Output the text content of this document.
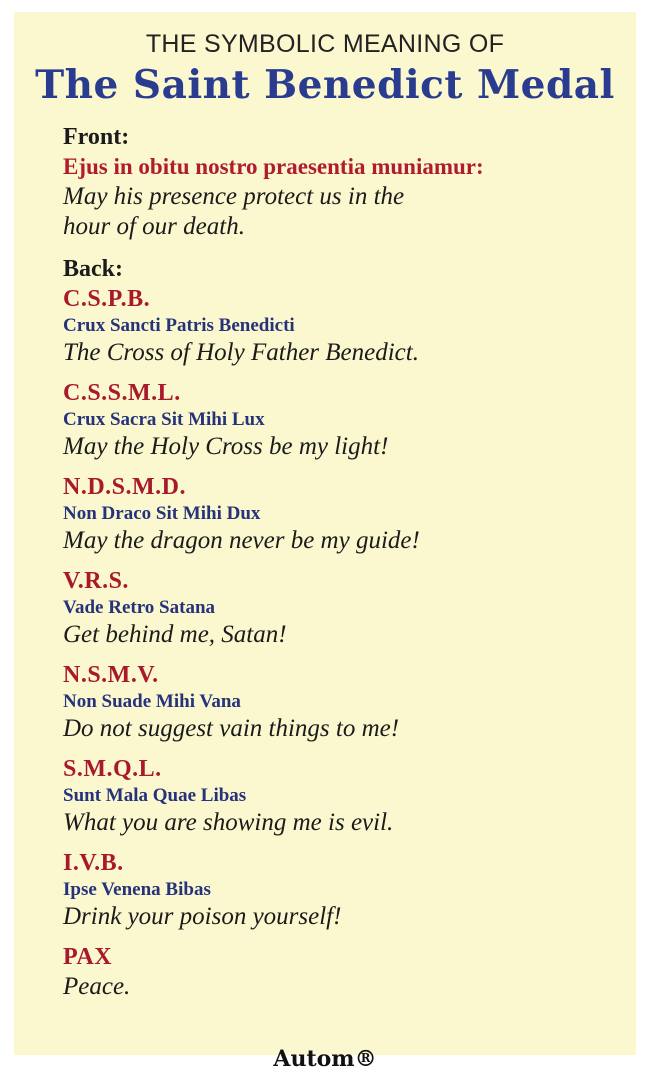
THE SYMBOLIC MEANING OF
The Saint Benedict Medal
Front:
Ejus in obitu nostro praesentia muniamur:
May his presence protect us in the
hour of our death.
Back:
C.S.P.B.
Crux Sancti Patris Benedicti
The Cross of Holy Father Benedict.
C.S.S.M.L.
Crux Sacra Sit Mihi Lux
May the Holy Cross be my light!
N.D.S.M.D.
Non Draco Sit Mihi Dux
May the dragon never be my guide!
V.R.S.
Vade Retro Satana
Get behind me, Satan!
N.S.M.V.
Non Suade Mihi Vana
Do not suggest vain things to me!
S.M.Q.L.
Sunt Mala Quae Libas
What you are showing me is evil.
I.V.B.
Ipse Venena Bibas
Drink your poison yourself!
PAX
Peace.
Autom®
